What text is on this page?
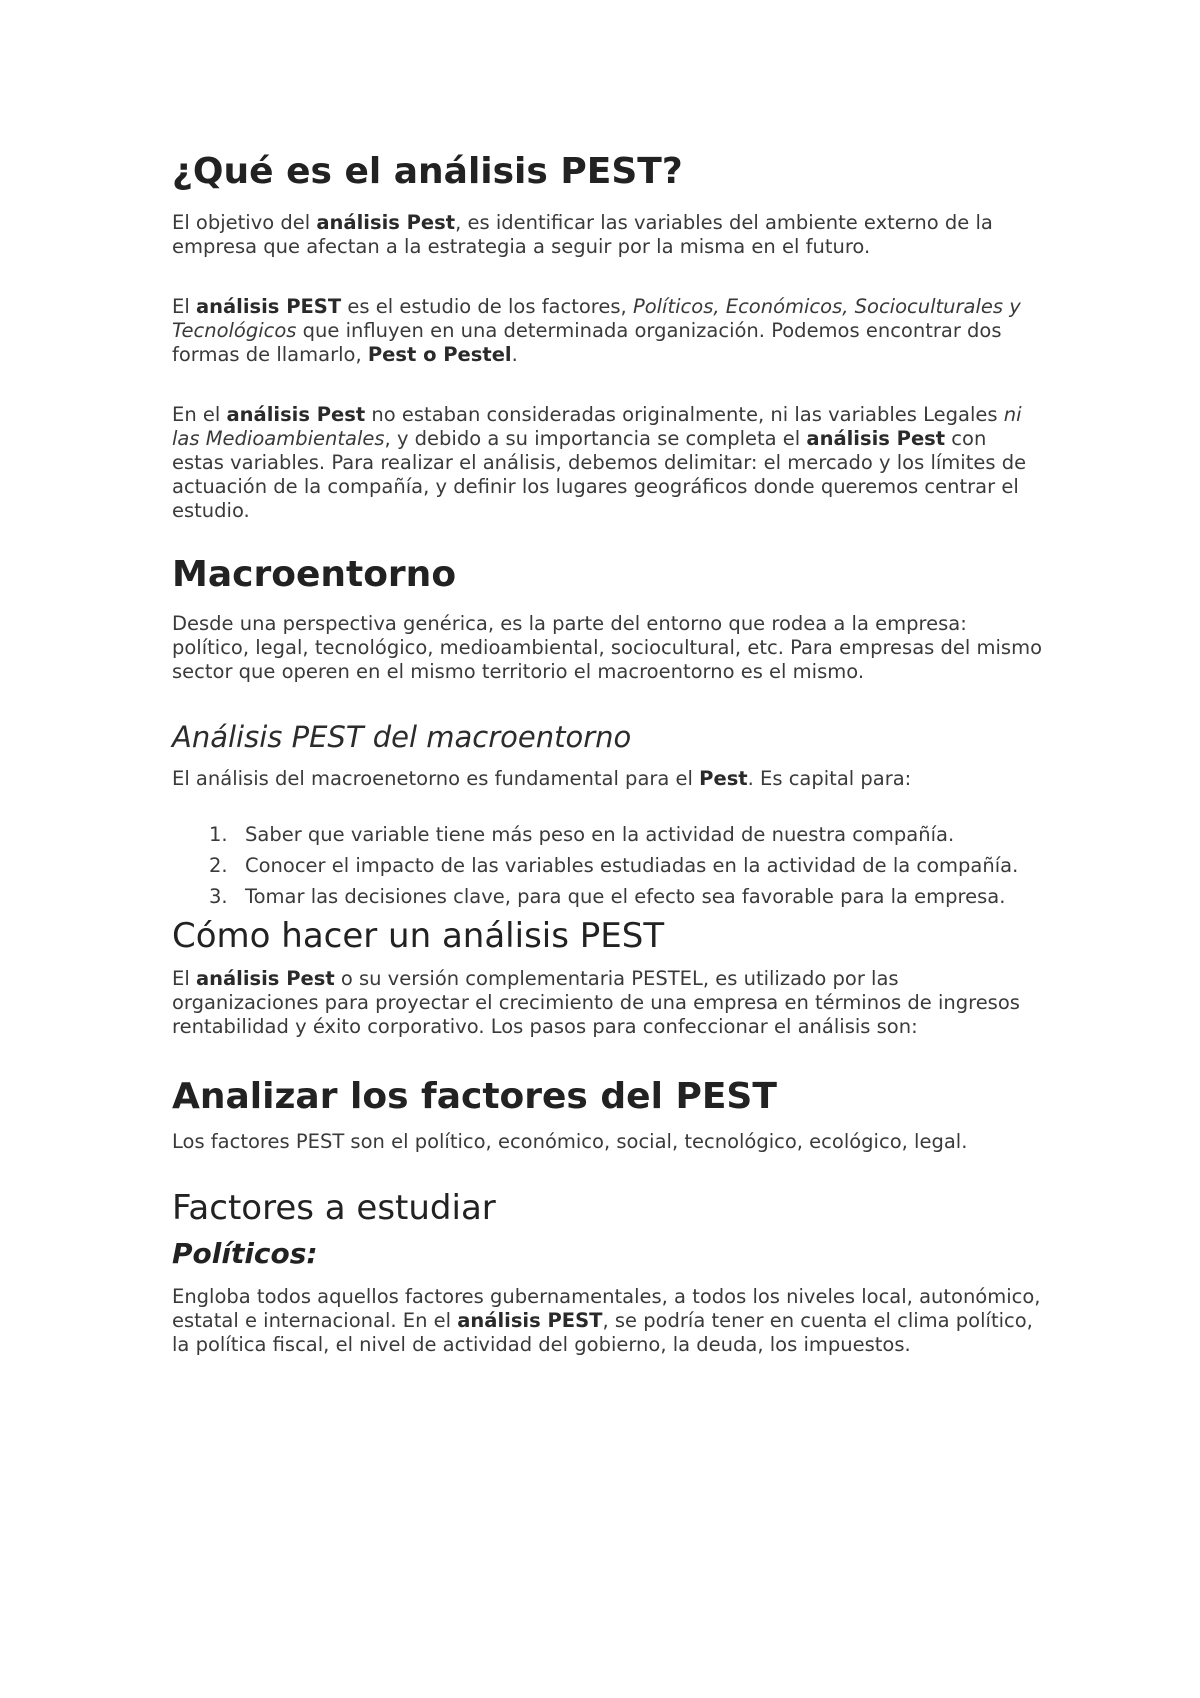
¿Qué es el análisis PEST?

El objetivo del análisis Pest, es identificar las variables del ambiente externo de la empresa que afectan a la estrategia a seguir por la misma en el futuro.

El análisis PEST es el estudio de los factores, Políticos, Económicos, Socioculturales y Tecnológicos que influyen en una determinada organización. Podemos encontrar dos formas de llamarlo, Pest o Pestel.

En el análisis Pest no estaban consideradas originalmente, ni las variables Legales ni las Medioambientales, y debido a su importancia se completa el análisis Pest con estas variables. Para realizar el análisis, debemos delimitar: el mercado y los límites de actuación de la compañía, y definir los lugares geográficos donde queremos centrar el estudio.

Macroentorno

Desde una perspectiva genérica, es la parte del entorno que rodea a la empresa: político, legal, tecnológico, medioambiental, sociocultural, etc. Para empresas del mismo sector que operen en el mismo territorio el macroentorno es el mismo.

Análisis PEST del macroentorno

El análisis del macroenetorno es fundamental para el Pest. Es capital para:

1. Saber que variable tiene más peso en la actividad de nuestra compañía.
2. Conocer el impacto de las variables estudiadas en la actividad de la compañía.
3. Tomar las decisiones clave, para que el efecto sea favorable para la empresa.
Cómo hacer un análisis PEST

El análisis Pest o su versión complementaria PESTEL, es utilizado por las organizaciones para proyectar el crecimiento de una empresa en términos de ingresos rentabilidad y éxito corporativo. Los pasos para confeccionar el análisis son:

Analizar los factores del PEST

Los factores PEST son el político, económico, social, tecnológico, ecológico, legal.

Factores a estudiar
Políticos:

Engloba todos aquellos factores gubernamentales, a todos los niveles local, autonómico, estatal e internacional. En el análisis PEST, se podría tener en cuenta el clima político, la política fiscal, el nivel de actividad del gobierno, la deuda, los impuestos.
